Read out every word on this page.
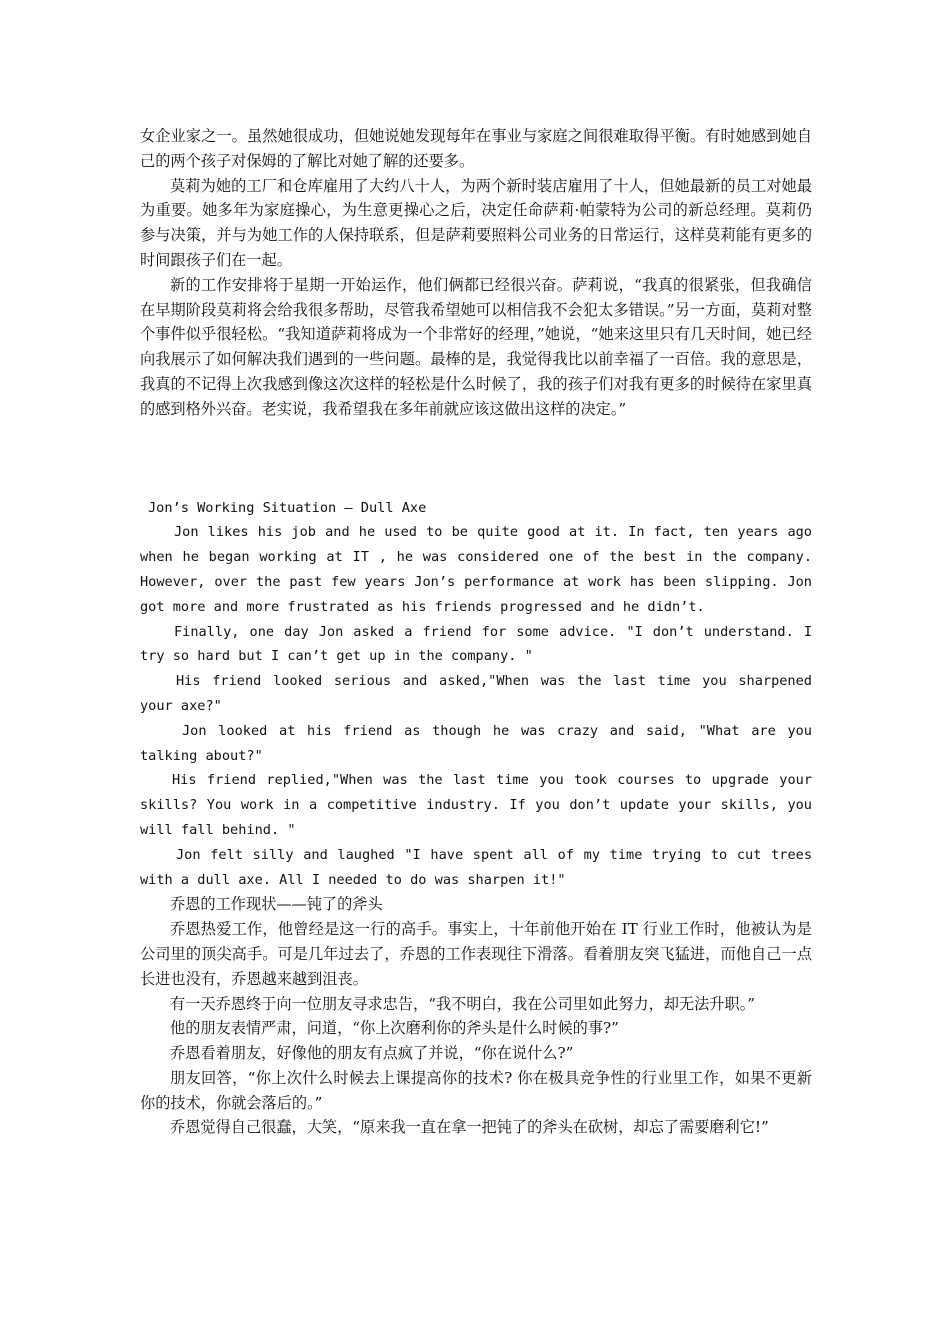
女企业家之一。虽然她很成功，但她说她发现每年在事业与家庭之间很难取得平衡。有时她感到她自己的两个孩子对保姆的了解比对她了解的还要多。

莫莉为她的工厂和仓库雇用了大约八十人，为两个新时装店雇用了十人，但她最新的员工对她最为重要。她多年为家庭操心，为生意更操心之后，决定任命萨莉·帕蒙特为公司的新总经理。莫莉仍参与决策，并与为她工作的人保持联系，但是萨莉要照料公司业务的日常运行，这样莫莉能有更多的时间跟孩子们在一起。

新的工作安排将于星期一开始运作，他们俩都已经很兴奋。萨莉说，“我真的很紧张，但我确信在早期阶段莫莉将会给我很多帮助，尽管我希望她可以相信我不会犯太多错误。”另一方面，莫莉对整个事件似乎很轻松。“我知道萨莉将成为一个非常好的经理，”她说，“她来这里只有几天时间，她已经向我展示了如何解决我们遇到的一些问题。最棒的是，我觉得我比以前幸福了一百倍。我的意思是，我真的不记得上次我感到像这次这样的轻松是什么时候了，我的孩子们对我有更多的时候待在家里真的感到格外兴奋。老实说，我希望我在多年前就应该这做出这样的决定。”

Jon’s Working Situation — Dull Axe

Jon likes his job and he used to be quite good at it. In fact, ten years ago when he began working at IT , he was considered one of the best in the company. However, over the past few years Jon’s performance at work has been slipping. Jon got more and more frustrated as his friends progressed and he didn’t.

Finally, one day Jon asked a friend for some advice. "I don’t understand. I try so hard but I can’t get up in the company. "

His friend looked serious and asked,"When was the last time you sharpened your axe?"

Jon looked at his friend as though he was crazy and said, "What are you talking about?"

His friend replied,"When was the last time you took courses to upgrade your skills? You work in a competitive industry. If you don’t update your skills, you will fall behind. "

Jon felt silly and laughed "I have spent all of my time trying to cut trees with a dull axe. All I needed to do was sharpen it!"

乔恩的工作现状——钝了的斧头

乔恩热爱工作，他曾经是这一行的高手。事实上，十年前他开始在 IT 行业工作时，他被认为是公司里的顶尖高手。可是几年过去了，乔恩的工作表现往下滑落。看着朋友突飞猛进，而他自己一点长进也没有，乔恩越来越到沮丧。

有一天乔恩终于向一位朋友寻求忠告，“我不明白，我在公司里如此努力，却无法升职。”

他的朋友表情严肃，问道，“你上次磨利你的斧头是什么时候的事?”

乔恩看着朋友，好像他的朋友有点疯了并说，“你在说什么?”

朋友回答，“你上次什么时候去上课提高你的技术? 你在极具竞争性的行业里工作，如果不更新你的技术，你就会落后的。”

乔恩觉得自己很蠢，大笑，“原来我一直在拿一把钝了的斧头在砍树，却忘了需要磨利它!”
